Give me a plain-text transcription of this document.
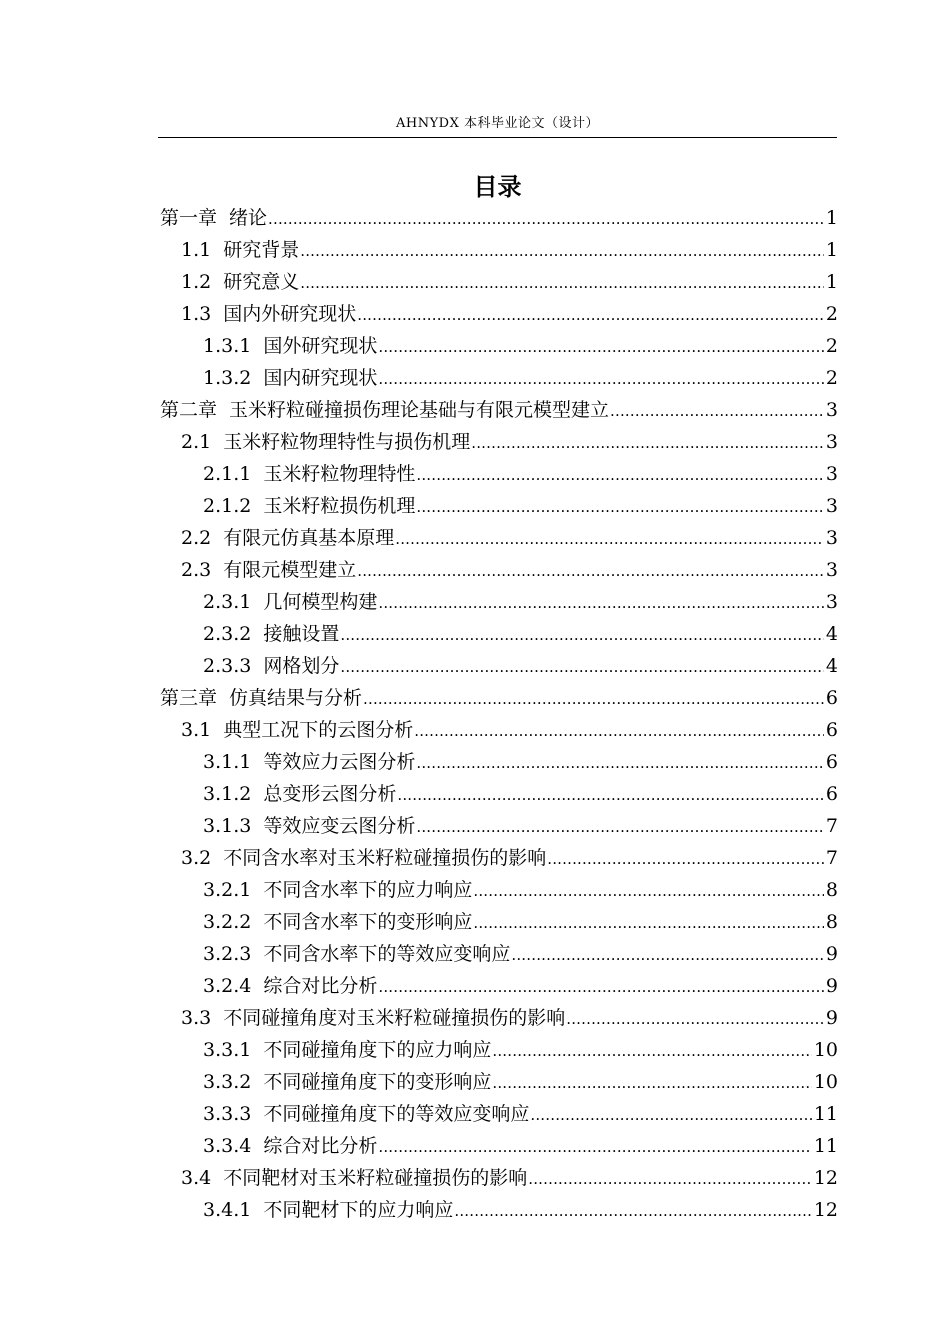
AHNYDX 本科毕业论文（设计）
目录
第一章 绪论 .....	1
1.1 研究背景 .....	1
1.2 研究意义 .....	1
1.3 国内外研究现状 .....	2
1.3.1 国外研究现状 .....	2
1.3.2 国内研究现状 .....	2
第二章 玉米籽粒碰撞损伤理论基础与有限元模型建立 .....	3
2.1 玉米籽粒物理特性与损伤机理 .....	3
2.1.1 玉米籽粒物理特性 .....	3
2.1.2 玉米籽粒损伤机理 .....	3
2.2 有限元仿真基本原理 .....	3
2.3 有限元模型建立 .....	3
2.3.1 几何模型构建 .....	3
2.3.2 接触设置 .....	4
2.3.3 网格划分 .....	4
第三章 仿真结果与分析 .....	6
3.1 典型工况下的云图分析 .....	6
3.1.1 等效应力云图分析 .....	6
3.1.2 总变形云图分析 .....	6
3.1.3 等效应变云图分析 .....	7
3.2 不同含水率对玉米籽粒碰撞损伤的影响 .....	7
3.2.1 不同含水率下的应力响应 .....	8
3.2.2 不同含水率下的变形响应 .....	8
3.2.3 不同含水率下的等效应变响应 .....	9
3.2.4 综合对比分析 .....	9
3.3 不同碰撞角度对玉米籽粒碰撞损伤的影响 .....	9
3.3.1 不同碰撞角度下的应力响应 .....	10
3.3.2 不同碰撞角度下的变形响应 .....	10
3.3.3 不同碰撞角度下的等效应变响应 .....	11
3.3.4 综合对比分析 .....	11
3.4 不同靶材对玉米籽粒碰撞损伤的影响 .....	12
3.4.1 不同靶材下的应力响应 .....	12
